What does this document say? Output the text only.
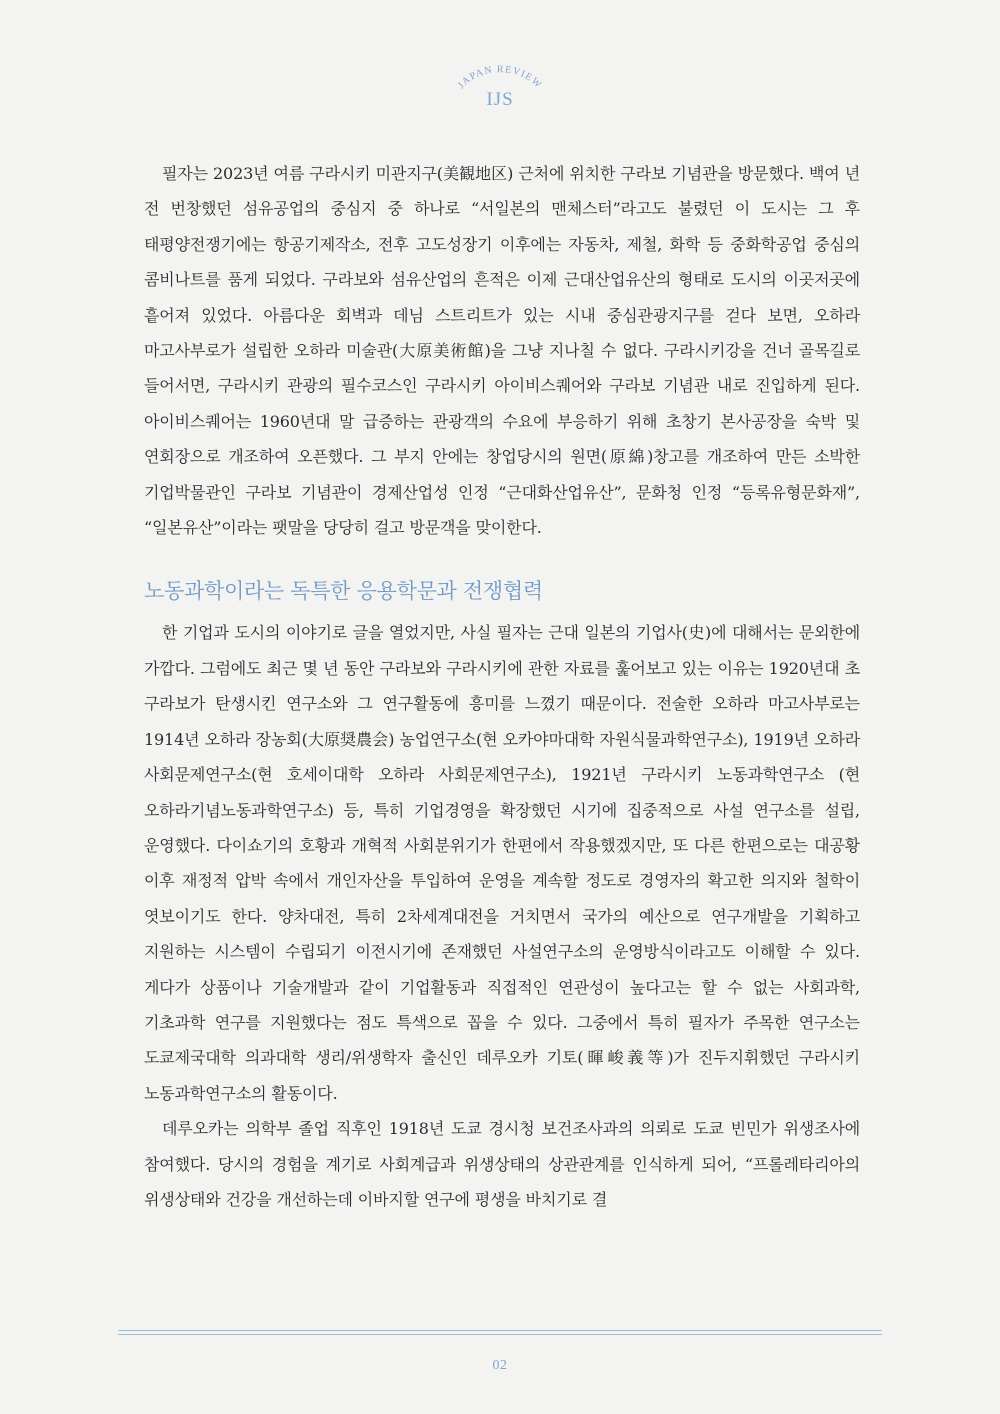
JAPAN REVIEW
IJS

필자는 2023년 여름 구라시키 미관지구(美観地区) 근처에 위치한 구라보 기념관을 방문했다. 백여 년 전 번창했던 섬유공업의 중심지 중 하나로 “서일본의 맨체스터”라고도 불렸던 이 도시는 그 후 태평양전쟁기에는 항공기제작소, 전후 고도성장기 이후에는 자동차, 제철, 화학 등 중화학공업 중심의 콤비나트를 품게 되었다. 구라보와 섬유산업의 흔적은 이제 근대산업유산의 형태로 도시의 이곳저곳에 흩어져 있었다. 아름다운 회벽과 데님 스트리트가 있는 시내 중심관광지구를 걷다 보면, 오하라 마고사부로가 설립한 오하라 미술관(大原美術館)을 그냥 지나칠 수 없다. 구라시키강을 건너 골목길로 들어서면, 구라시키 관광의 필수코스인 구라시키 아이비스퀘어와 구라보 기념관 내로 진입하게 된다. 아이비스퀘어는 1960년대 말 급증하는 관광객의 수요에 부응하기 위해 초창기 본사공장을 숙박 및 연회장으로 개조하여 오픈했다. 그 부지 안에는 창업당시의 원면(原綿)창고를 개조하여 만든 소박한 기업박물관인 구라보 기념관이 경제산업성 인정 “근대화산업유산”, 문화청 인정 “등록유형문화재”, “일본유산”이라는 팻말을 당당히 걸고 방문객을 맞이한다.

노동과학이라는 독특한 응용학문과 전쟁협력

한 기업과 도시의 이야기로 글을 열었지만, 사실 필자는 근대 일본의 기업사(史)에 대해서는 문외한에 가깝다. 그럼에도 최근 몇 년 동안 구라보와 구라시키에 관한 자료를 훑어보고 있는 이유는 1920년대 초 구라보가 탄생시킨 연구소와 그 연구활동에 흥미를 느꼈기 때문이다. 전술한 오하라 마고사부로는 1914년 오하라 장농회(大原奨農会) 농업연구소(현 오카야마대학 자원식물과학연구소), 1919년 오하라 사회문제연구소(현 호세이대학 오하라 사회문제연구소), 1921년 구라시키 노동과학연구소 (현 오하라기념노동과학연구소) 등, 특히 기업경영을 확장했던 시기에 집중적으로 사설 연구소를 설립, 운영했다. 다이쇼기의 호황과 개혁적 사회분위기가 한편에서 작용했겠지만, 또 다른 한편으로는 대공황 이후 재정적 압박 속에서 개인자산을 투입하여 운영을 계속할 정도로 경영자의 확고한 의지와 철학이 엿보이기도 한다. 양차대전, 특히 2차세계대전을 거치면서 국가의 예산으로 연구개발을 기획하고 지원하는 시스템이 수립되기 이전시기에 존재했던 사설연구소의 운영방식이라고도 이해할 수 있다. 게다가 상품이나 기술개발과 같이 기업활동과 직접적인 연관성이 높다고는 할 수 없는 사회과학, 기초과학 연구를 지원했다는 점도 특색으로 꼽을 수 있다. 그중에서 특히 필자가 주목한 연구소는 도쿄제국대학 의과대학 생리/위생학자 출신인 데루오카 기토(暉峻義等)가 진두지휘했던 구라시키 노동과학연구소의 활동이다.

데루오카는 의학부 졸업 직후인 1918년 도쿄 경시청 보건조사과의 의뢰로 도쿄 빈민가 위생조사에 참여했다. 당시의 경험을 계기로 사회계급과 위생상태의 상관관계를 인식하게 되어, “프롤레타리아의 위생상태와 건강을 개선하는데 이바지할 연구에 평생을 바치기로 결

02
